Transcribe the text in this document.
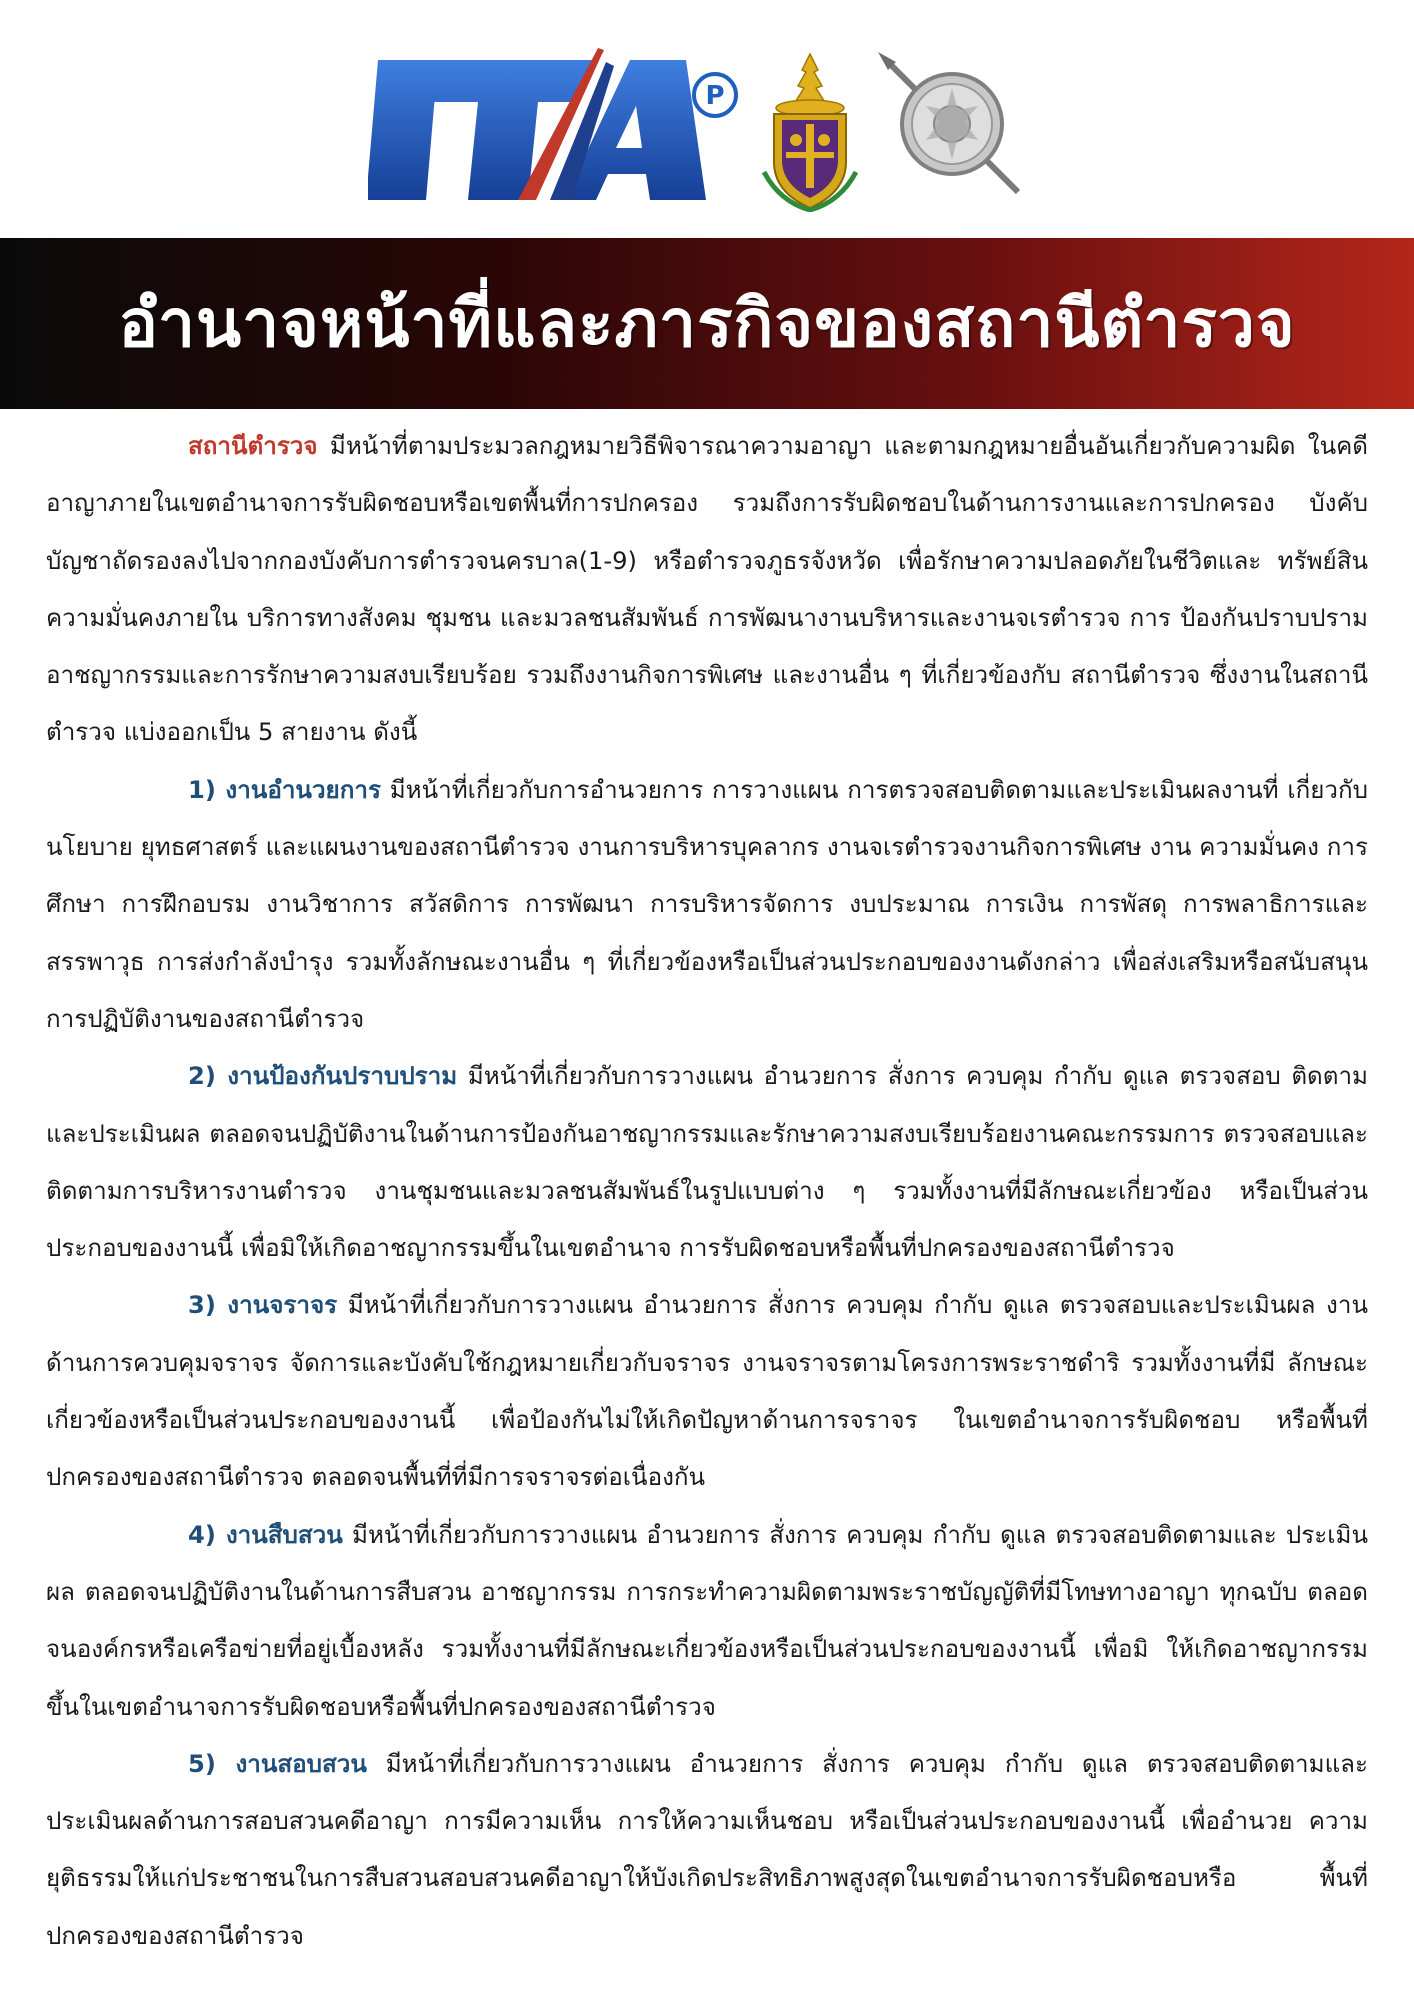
P
อำนาจหน้าที่และภารกิจของสถานีตำรวจ

สถานีตำรวจ มีหน้าที่ตามประมวลกฎหมายวิธีพิจารณาความอาญา และตามกฎหมายอื่นอันเกี่ยวกับความผิด ในคดีอาญาภายในเขตอำนาจการรับผิดชอบหรือเขตพื้นที่การปกครอง รวมถึงการรับผิดชอบในด้านการงานและการปกครอง บังคับบัญชาถัดรองลงไปจากกองบังคับการตำรวจนครบาล(1-9) หรือตำรวจภูธรจังหวัด เพื่อรักษาความปลอดภัยในชีวิตและ ทรัพย์สิน ความมั่นคงภายใน บริการทางสังคม ชุมชน และมวลชนสัมพันธ์ การพัฒนางานบริหารและงานจเรตำรวจ การ ป้องกันปราบปรามอาชญากรรมและการรักษาความสงบเรียบร้อย รวมถึงงานกิจการพิเศษ และงานอื่น ๆ ที่เกี่ยวข้องกับ สถานีตำรวจ ซึ่งงานในสถานีตำรวจ แบ่งออกเป็น 5 สายงาน ดังนี้

1) งานอำนวยการ มีหน้าที่เกี่ยวกับการอำนวยการ การวางแผน การตรวจสอบติดตามและประเมินผลงานที่ เกี่ยวกับนโยบาย ยุทธศาสตร์ และแผนงานของสถานีตำรวจ งานการบริหารบุคลากร งานจเรตำรวจงานกิจการพิเศษ งาน ความมั่นคง การศึกษา การฝึกอบรม งานวิชาการ สวัสดิการ การพัฒนา การบริหารจัดการ งบประมาณ การเงิน การพัสดุ การพลาธิการและสรรพาวุธ การส่งกำลังบำรุง รวมทั้งลักษณะงานอื่น ๆ ที่เกี่ยวข้องหรือเป็นส่วนประกอบของงานดังกล่าว เพื่อส่งเสริมหรือสนับสนุนการปฏิบัติงานของสถานีตำรวจ

2) งานป้องกันปราบปราม มีหน้าที่เกี่ยวกับการวางแผน อำนวยการ สั่งการ ควบคุม กำกับ ดูแล ตรวจสอบ ติดตามและประเมินผล ตลอดจนปฏิบัติงานในด้านการป้องกันอาชญากรรมและรักษาความสงบเรียบร้อยงานคณะกรรมการ ตรวจสอบและติดตามการบริหารงานตำรวจ งานชุมชนและมวลชนสัมพันธ์ในรูปแบบต่าง ๆ รวมทั้งงานที่มีลักษณะเกี่ยวข้อง หรือเป็นส่วนประกอบของงานนี้ เพื่อมิให้เกิดอาชญากรรมขึ้นในเขตอำนาจ การรับผิดชอบหรือพื้นที่ปกครองของสถานีตำรวจ

3) งานจราจร มีหน้าที่เกี่ยวกับการวางแผน อำนวยการ สั่งการ ควบคุม กำกับ ดูแล ตรวจสอบและประเมินผล งานด้านการควบคุมจราจร จัดการและบังคับใช้กฎหมายเกี่ยวกับจราจร งานจราจรตามโครงการพระราชดำริ รวมทั้งงานที่มี ลักษณะเกี่ยวข้องหรือเป็นส่วนประกอบของงานนี้ เพื่อป้องกันไม่ให้เกิดปัญหาด้านการจราจร ในเขตอำนาจการรับผิดชอบ หรือพื้นที่ปกครองของสถานีตำรวจ ตลอดจนพื้นที่ที่มีการจราจรต่อเนื่องกัน

4) งานสืบสวน มีหน้าที่เกี่ยวกับการวางแผน อำนวยการ สั่งการ ควบคุม กำกับ ดูแล ตรวจสอบติดตามและ ประเมินผล ตลอดจนปฏิบัติงานในด้านการสืบสวน อาชญากรรม การกระทำความผิดตามพระราชบัญญัติที่มีโทษทางอาญา ทุกฉบับ ตลอดจนองค์กรหรือเครือข่ายที่อยู่เบื้องหลัง รวมทั้งงานที่มีลักษณะเกี่ยวข้องหรือเป็นส่วนประกอบของงานนี้ เพื่อมิ ให้เกิดอาชญากรรมขึ้นในเขตอำนาจการรับผิดชอบหรือพื้นที่ปกครองของสถานีตำรวจ

5) งานสอบสวน มีหน้าที่เกี่ยวกับการวางแผน อำนวยการ สั่งการ ควบคุม กำกับ ดูแล ตรวจสอบติดตามและ ประเมินผลด้านการสอบสวนคดีอาญา การมีความเห็น การให้ความเห็นชอบ หรือเป็นส่วนประกอบของงานนี้ เพื่ออำนวย ความยุติธรรมให้แก่ประชาชนในการสืบสวนสอบสวนคดีอาญาให้บังเกิดประสิทธิภาพสูงสุดในเขตอำนาจการรับผิดชอบหรือ พื้นที่ปกครองของสถานีตำรวจ
